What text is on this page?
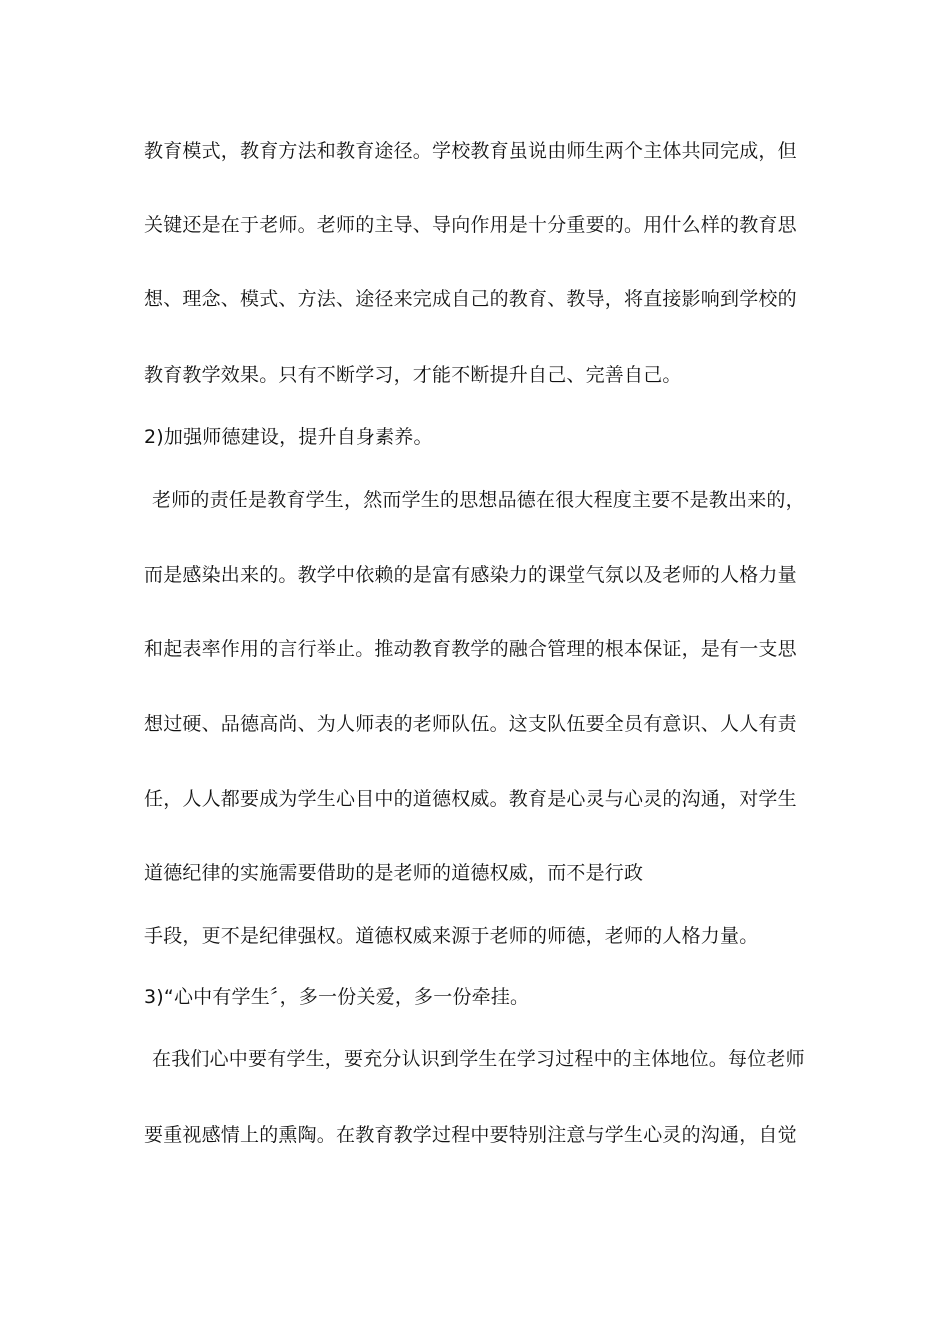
教育模式，教育方法和教育途径。学校教育虽说由师生两个主体共同完成，但
关键还是在于老师。老师的主导、导向作用是十分重要的。用什么样的教育思
想、理念、模式、方法、途径来完成自己的教育、教导，将直接影响到学校的
教育教学效果。只有不断学习，才能不断提升自己、完善自己。
2)加强师德建设，提升自身素养。
老师的责任是教育学生，然而学生的思想品德在很大程度主要不是教出来的，
而是感染出来的。教学中依赖的是富有感染力的课堂气氛以及老师的人格力量
和起表率作用的言行举止。推动教育教学的融合管理的根本保证，是有一支思
想过硬、品德高尚、为人师表的老师队伍。这支队伍要全员有意识、人人有责
任，人人都要成为学生心目中的道德权威。教育是心灵与心灵的沟通，对学生
道德纪律的实施需要借助的是老师的道德权威，而不是行政
手段，更不是纪律强权。道德权威来源于老师的师德，老师的人格力量。
3)“心中有学生〞，多一份关爱，多一份牵挂。
在我们心中要有学生，要充分认识到学生在学习过程中的主体地位。每位老师
要重视感情上的熏陶。在教育教学过程中要特别注意与学生心灵的沟通，自觉
